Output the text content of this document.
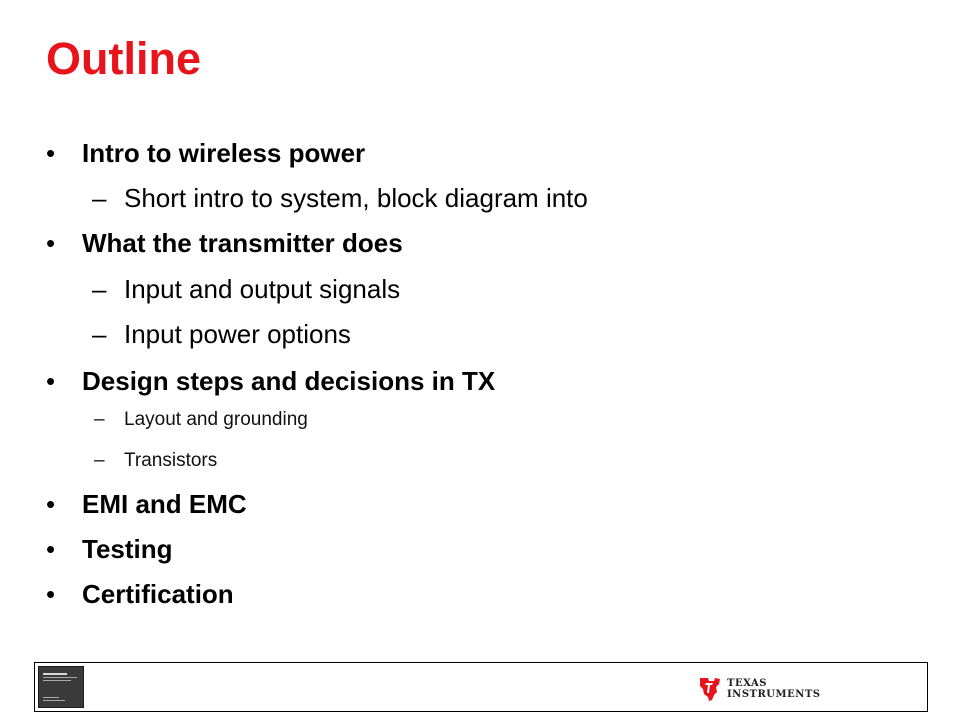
Outline
• Intro to wireless power
– Short intro to system, block diagram into
• What the transmitter does
– Input and output signals
– Input power options
• Design steps and decisions in TX
– Layout and grounding
– Transistors
• EMI and EMC
• Testing
• Certification
TEXAS
INSTRUMENTS
